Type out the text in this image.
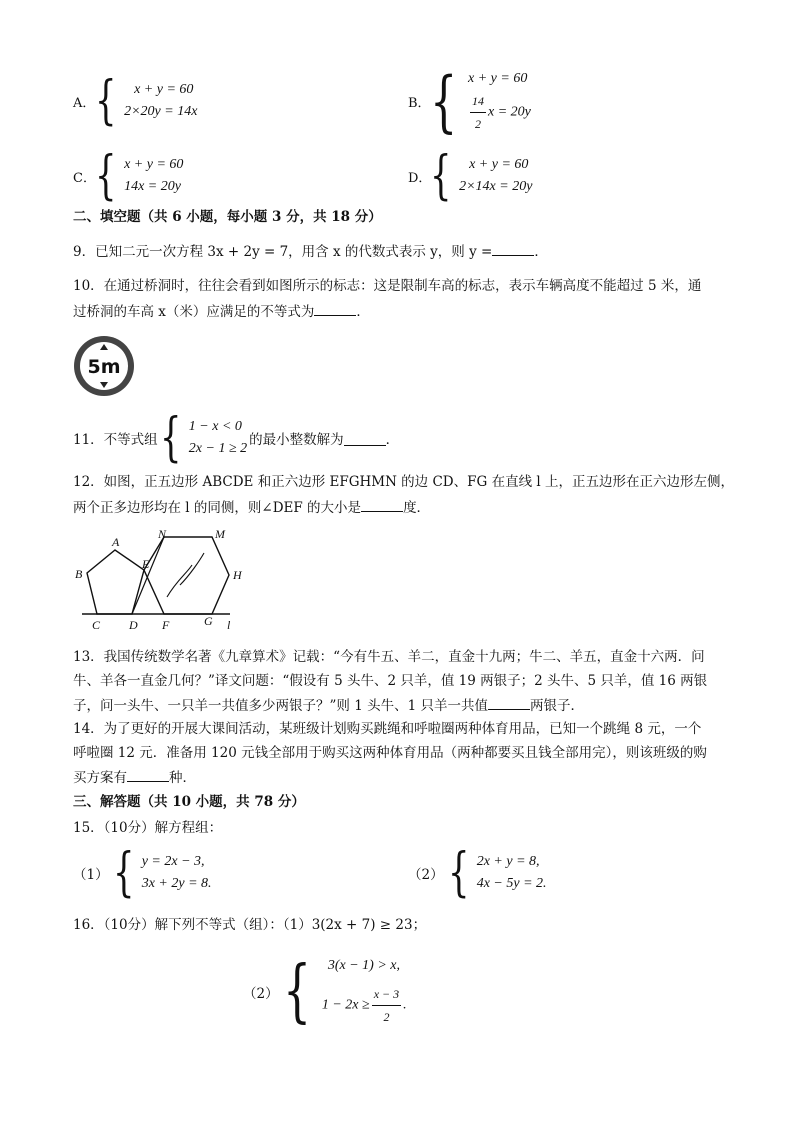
A． {	x + y = 60
2×20y = 14x
B． { x + y = 60
$\frac{14}{2}$ x = 20y
C． { x + y = 60
14x = 20y
D．
{	x + y = 60
2×14x = 20y
二、填空题（共 6 小题，每小题 3 分，共 18 分）
9．已知二元一次方程 3x + 2y = 7，用含 x 的代数式表示 y，则 y =	．
10．在通过桥洞时，往往会看到如图所示的标志：这是限制车高的标志，表示车辆高度不能超过 5 米，通
过桥洞的车高 x（米）应满足的不等式为	．
5m
11．不等式组 { 1 − x < 0
2x − 1 ≥ 2
的最小整数解为	．
12．如图，正五边形 ABCDE 和正六边形 EFGHMN 的边 CD、FG 在直线 l 上，正五边形在正六边形左侧，
两个正多边形均在 l 的同侧，则∠DEF 的大小是	度．
A
B
C D
E
F	G
H
M
N
l
13．我国传统数学名著《九章算术》记载：“今有牛五、羊二，直金十九两；牛二、羊五，直金十六两．问
牛、羊各一直金几何？”译文问题：“假设有 5 头牛、2 只羊，值 19 两银子；2 头牛、5 只羊，值 16 两银
子，问一头牛、一只羊一共值多少两银子？”则 1 头牛、1 只羊一共值	两银子．
14．为了更好的开展大课间活动，某班级计划购买跳绳和呼啦圈两种体育用品，已知一个跳绳 8 元，一个
呼啦圈 12 元．准备用 120 元钱全部用于购买这两种体育用品（两种都要买且钱全部用完），则该班级的购
买方案有	种．
三、解答题（共 10 小题，共 78 分）
15．（10分）解方程组：
（1） { y = 2x − 3,
3x + 2y = 8.
（2） { 2x + y = 8,
4x − 5y = 2.
16．（10分）解下列不等式（组）：（1）3(2x + 7) ≥ 23；
（2） {	3(x − 1) > x,
$1 - 2x \ge \frac{x - 3}{2}$ .
